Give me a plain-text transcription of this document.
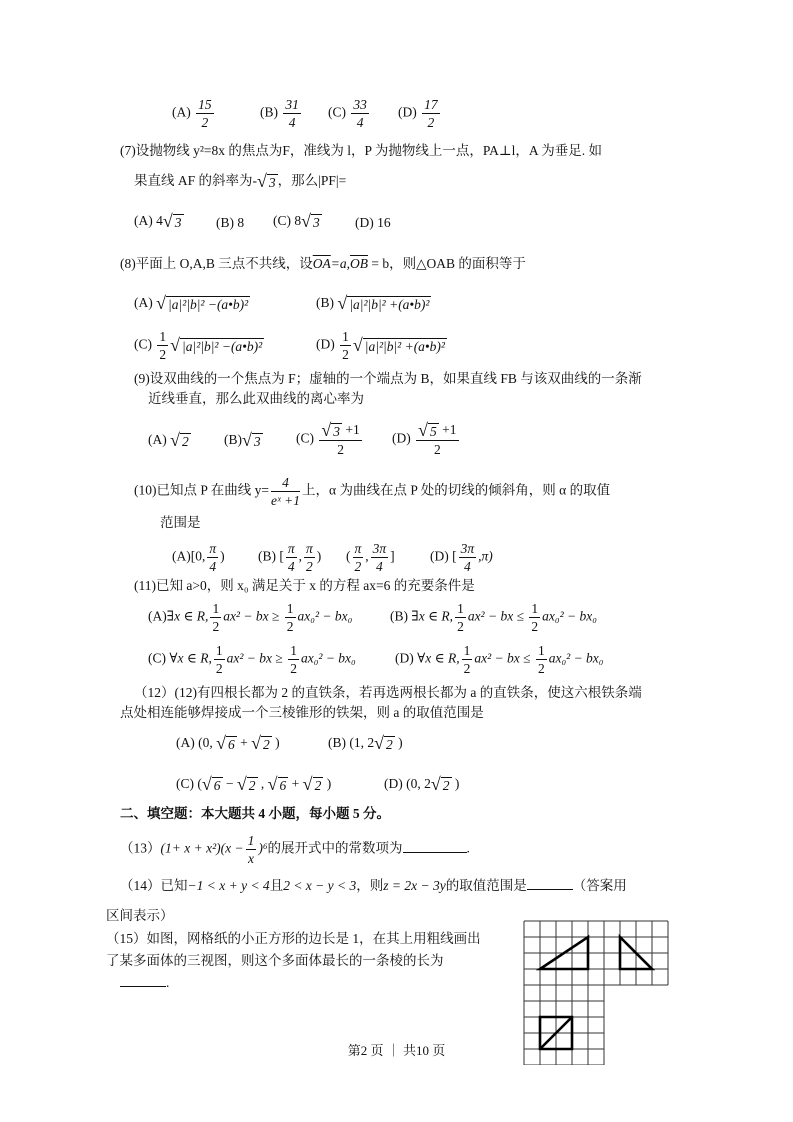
$(A) \frac{15}{2}$	$(B) \frac{31}{4} (C) \frac{33}{4} (D) \frac{17}{2}$
(7)设抛物线 y²=8x 的焦点为F，准线为 l，P 为抛物线上一点，PA⊥l，A 为垂足. 如
果直线 AF 的斜率为-√ 3 ，那么|PF|=
(A) 4√ 3	(B) 8 (C) 8√ 3	(D) 16
(8)平面上 O,A,B 三点不共线，设$\overline{OA}=a,\overline{OB} = b$，则△OAB 的面积等于
(A) √ |a|²|b|² −(a•b)²	(B) √ |a|²|b|² +(a•b)²
$(C) \frac{1}{2}$ √ |a|²|b|² −(a•b)²	$(D) \frac{1}{2}$ √ |a|²|b|² +(a•b)²
(9)设双曲线的一个焦点为 F；虚轴的一个端点为 B，如果直线 FB 与该双曲线的一条渐
近线垂直，那么此双曲线的离心率为
(A) √ 2	(B)√ 3	$(C) \frac{√ 3 +1}{2} (D) \frac{√ 5 +1}{2}$
(10)已知点 P 在曲线 $y= \frac{4}{\text{eˣ +1}}$ 上，α 为曲线在点 P 处的切线的倾斜角，则 α 的取值
范围是
(A)[0, $\frac{\pi}{4}$ ) (B) [ $\frac{\pi}{4}$ , $\frac{\pi}{2}$ ) ( $\frac{\pi}{2}$ , $\frac{3\pi}{4}$ ]	(D) [ $\frac{3\pi}{4} ,\pi$)
(11)已知 a>0，则 x₀ 满足关于 x 的方程 ax=6 的充要条件是
(A)∃x ∈ R, $\frac{1}{2} ax^2$ − bx ≥ $\frac{1}{2} ax_0^2 - bx_0$	(B) ∃x ∈ R, $\frac{1}{2} ax^2$ − bx ≤ $\frac{1}{2} ax_0^2 - bx_0$
(C) ∀x ∈ R, $\frac{1}{2} ax^2$ − bx ≥ $\frac{1}{2} ax_0^2 - bx_0$	(D) ∀x ∈ R, $\frac{1}{2} ax^2$ − bx ≤ $\frac{1}{2} ax_0^2 - bx_0$
（12）(12)有四根长都为 2 的直铁条，若再选两根长都为 a 的直铁条，使这六根铁条端
点处相连能够焊接成一个三棱锥形的铁架，则 a 的取值范围是
(A) (0, √ 6 + √ 2 )	(B) (1, 2√ 2 )
(C) (√ 6 − √ 2 , √ 6 + √ 2 )	(D) (0, 2√ 2 )
二、填空题：本大题共 4 小题，每小题 5 分。
$(13)(1+ x + x^2)(x - \frac{1}{x} )^6$的展开式中的常数项为	.
（14）已知−1 < x + y < 4且2 < x − y < 3，则z = 2x − 3y的取值范围是	（答案用
区间表示）
（15）如图，网格纸的小正方形的边长是 1，在其上用粗线画出
了某多面体的三视图，则这个多面体最长的一条棱的长为
.
第2 页 ｜ 共10 页
